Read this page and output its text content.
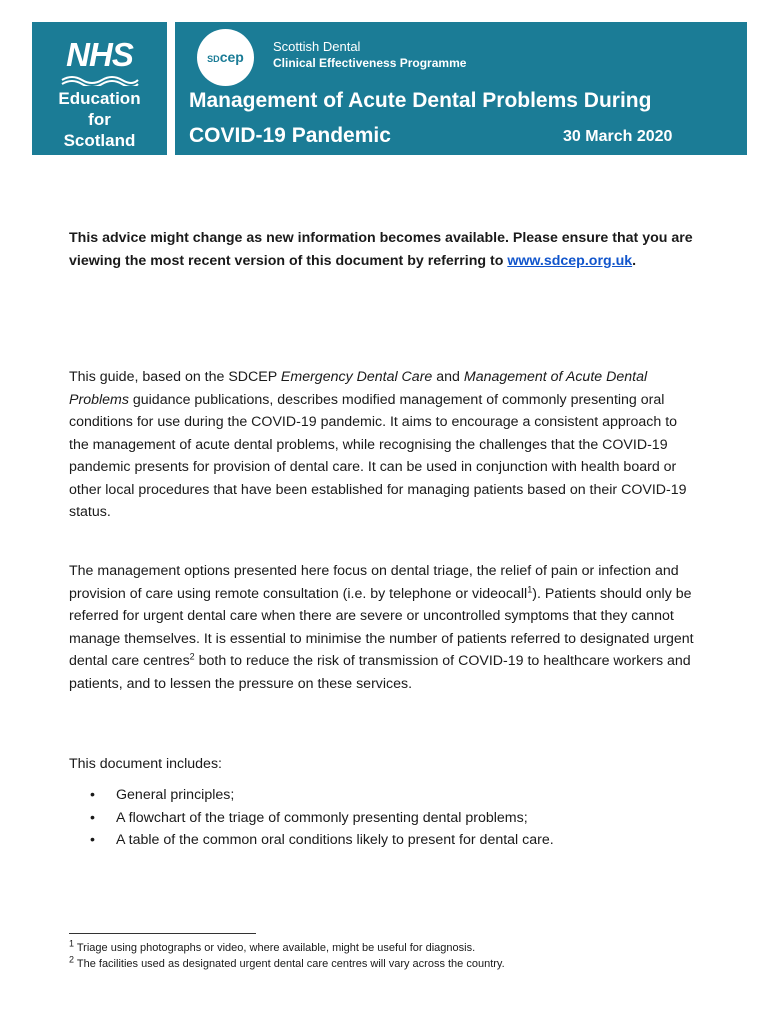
NHS
Education
for
Scotland
SDcep
Scottish Dental
Clinical Effectiveness Programme
Management of Acute Dental Problems During
COVID-19 Pandemic	30 March 2020
This advice might change as new information becomes available. Please ensure that you are viewing the most recent version of this document by referring to www.sdcep.org.uk.
This guide, based on the SDCEP Emergency Dental Care and Management of Acute Dental Problems guidance publications, describes modified management of commonly presenting oral conditions for use during the COVID-19 pandemic. It aims to encourage a consistent approach to the management of acute dental problems, while recognising the challenges that the COVID-19 pandemic presents for provision of dental care. It can be used in conjunction with health board or other local procedures that have been established for managing patients based on their COVID-19 status.
The management options presented here focus on dental triage, the relief of pain or infection and provision of care using remote consultation (i.e. by telephone or videocall$^1$). Patients should only be referred for urgent dental care when there are severe or uncontrolled symptoms that they cannot manage themselves. It is essential to minimise the number of patients referred to designated urgent dental care centres$^2$ both to reduce the risk of transmission of COVID-19 to healthcare workers and patients, and to lessen the pressure on these services.
This document includes:
• General principles;
• A flowchart of the triage of commonly presenting dental problems;
• A table of the common oral conditions likely to present for dental care.
$^1$ Triage using photographs or video, where available, might be useful for diagnosis.
$^2$ The facilities used as designated urgent dental care centres will vary across the country.
